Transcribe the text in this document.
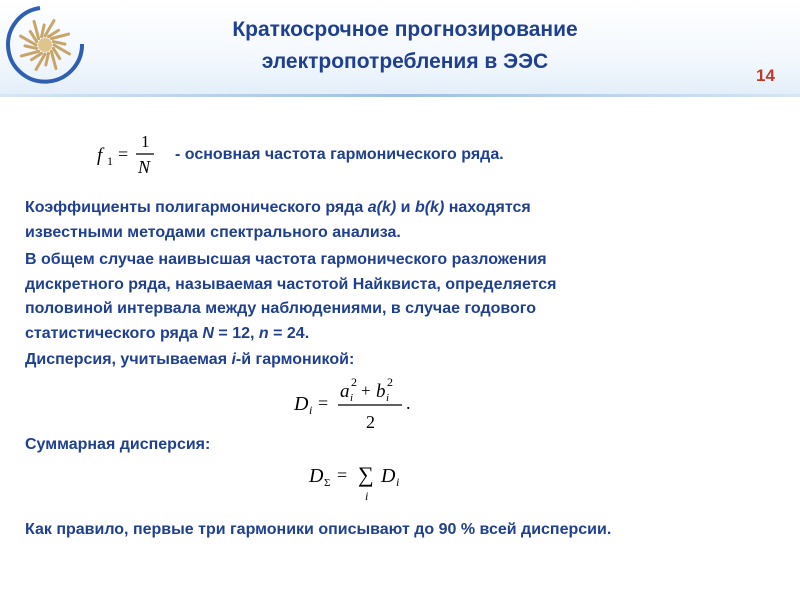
Краткосрочное прогнозирование
электропотребления в ЭЭС
14
f 1 =
1
N
- основная частота гармонического ряда.
Коэффициенты полигармонического ряда a(k) и b(k) находятся
известными методами спектрального анализа.
В общем случае наивысшая частота гармонического разложения
дискретного ряда, называемая частотой Найквиста, определяется
половиной интервала между наблюдениями, в случае годового
статистического ряда N = 12, n = 24.
Дисперсия, учитываемая i-й гармоникой:
D i =
a i
2 + b i
2
2
.
Суммарная дисперсия:
D Σ = ∑
i
D i
Как правило, первые три гармоники описывают до 90 % всей дисперсии.
